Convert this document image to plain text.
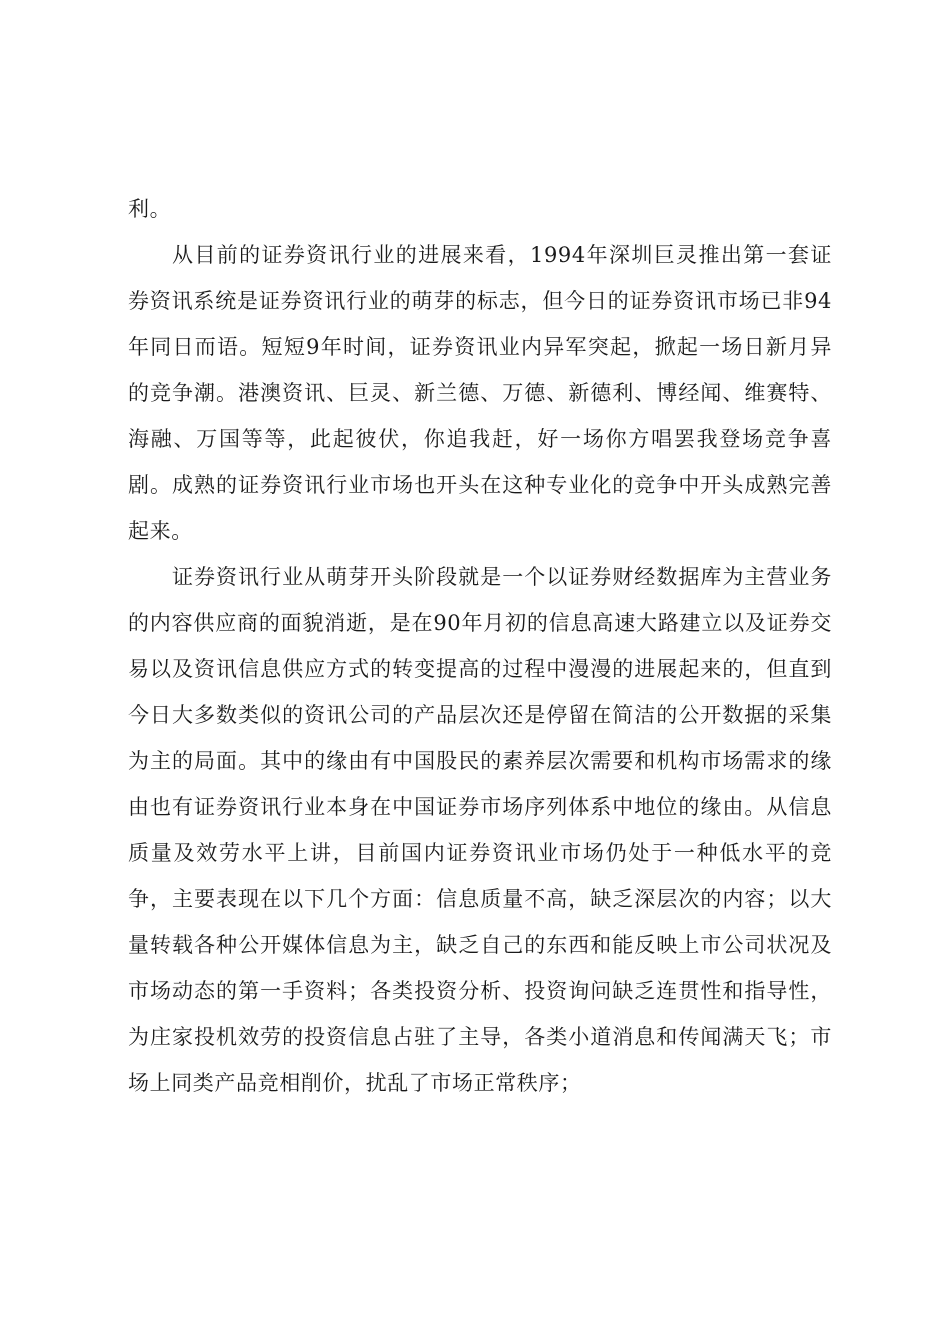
利。

从目前的证券资讯行业的进展来看，1994年深圳巨灵推出第一套证券资讯系统是证券资讯行业的萌芽的标志，但今日的证券资讯市场已非94年同日而语。短短9年时间，证券资讯业内异军突起，掀起一场日新月异的竞争潮。港澳资讯、巨灵、新兰德、万德、新德利、博经闻、维赛特、海融、万国等等，此起彼伏，你追我赶，好一场你方唱罢我登场竞争喜剧。成熟的证券资讯行业市场也开头在这种专业化的竞争中开头成熟完善起来。

证券资讯行业从萌芽开头阶段就是一个以证券财经数据库为主营业务的内容供应商的面貌消逝，是在90年月初的信息高速大路建立以及证券交易以及资讯信息供应方式的转变提高的过程中漫漫的进展起来的，但直到今日大多数类似的资讯公司的产品层次还是停留在简洁的公开数据的采集为主的局面。其中的缘由有中国股民的素养层次需要和机构市场需求的缘由也有证券资讯行业本身在中国证券市场序列体系中地位的缘由。从信息质量及效劳水平上讲，目前国内证券资讯业市场仍处于一种低水平的竞争，主要表现在以下几个方面：信息质量不高，缺乏深层次的内容；以大量转载各种公开媒体信息为主，缺乏自己的东西和能反映上市公司状况及市场动态的第一手资料；各类投资分析、投资询问缺乏连贯性和指导性，为庄家投机效劳的投资信息占驻了主导，各类小道消息和传闻满天飞；市场上同类产品竞相削价，扰乱了市场正常秩序；
